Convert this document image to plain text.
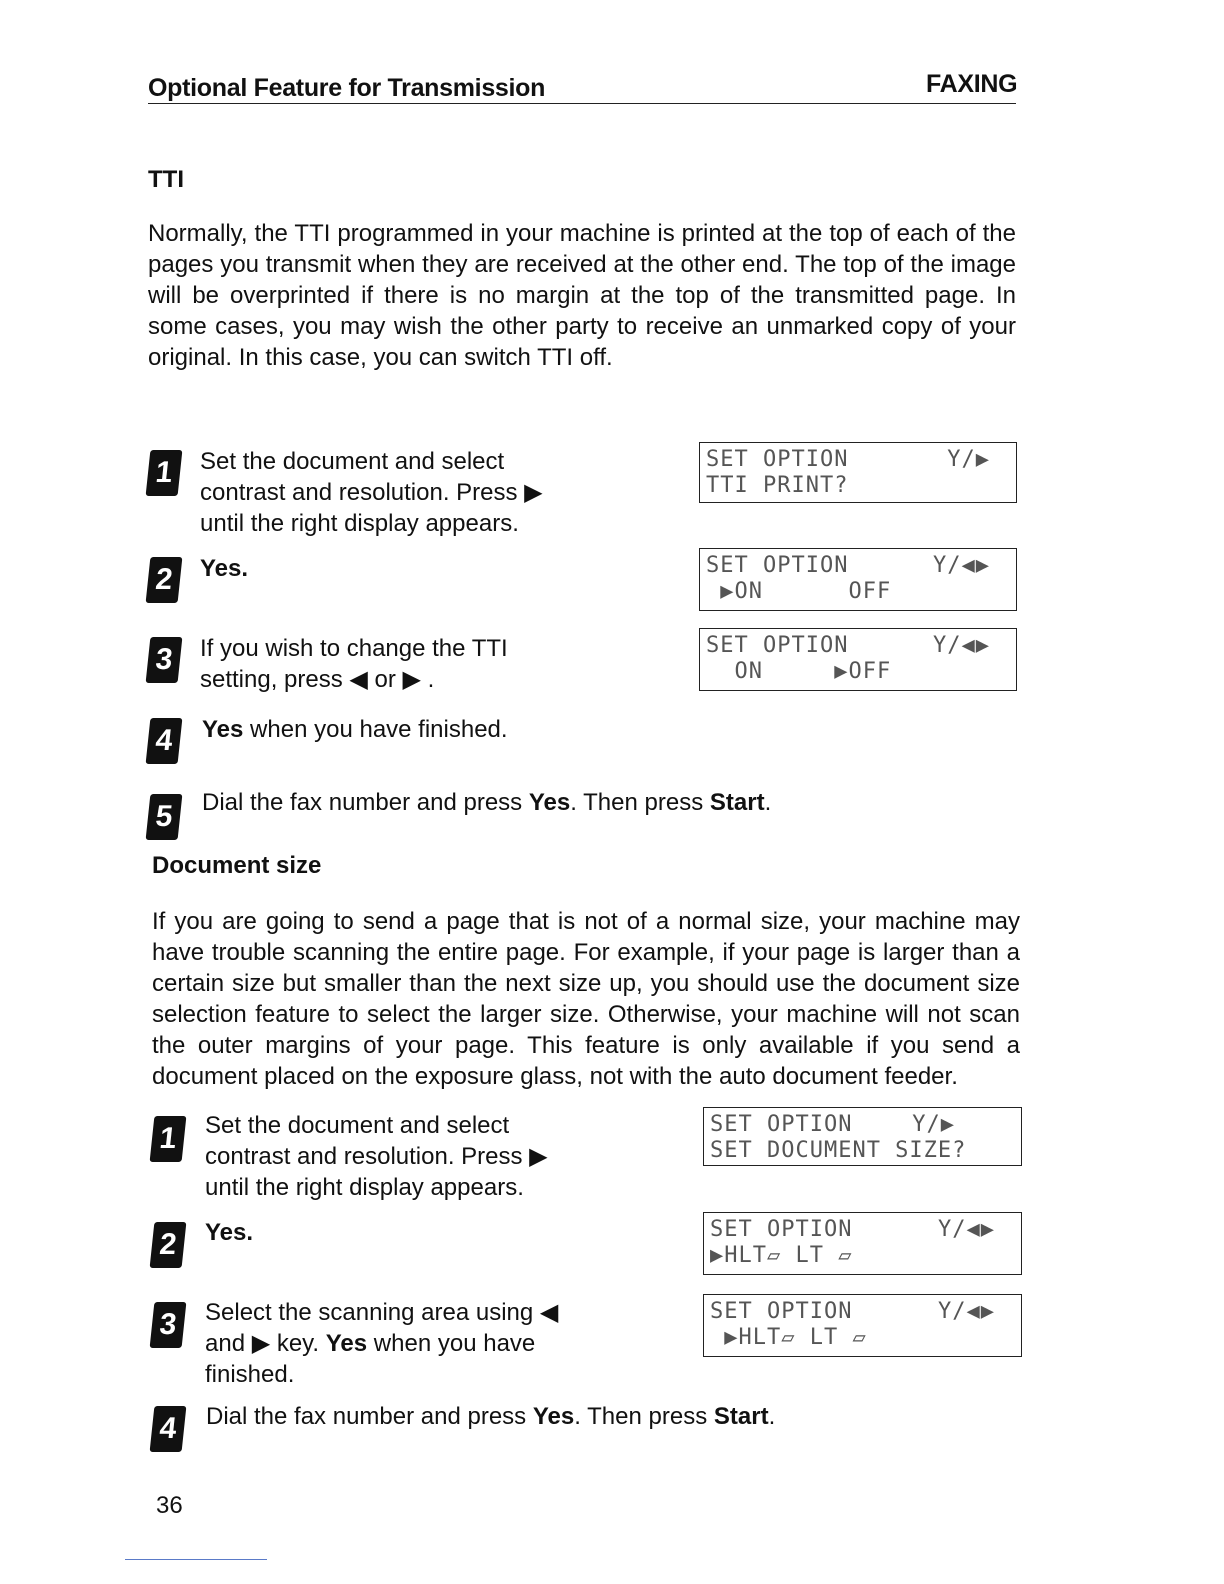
Optional Feature for Transmission	FAXING
TTI
Normally, the TTI programmed in your machine is printed at the top of each of the pages you transmit when they are received at the other end. The top of the image will be overprinted if there is no margin at the top of the transmitted page. In some cases, you may wish the other party to receive an unmarked copy of your original. In this case, you can switch TTI off.
1	Set the document and select contrast and resolution. Press ▶ until the right display appears.
2	Yes.
3	If you wish to change the TTI setting, press ◀ or ▶ .
4	Yes when you have finished.
5	Dial the fax number and press Yes. Then press Start.
SET OPTION	Y/▶
TTI PRINT?
SET OPTION	Y/◀▶
▶ON      OFF
SET OPTION	Y/◀▶
ON     ▶OFF
Document size
If you are going to send a page that is not of a normal size, your machine may have trouble scanning the entire page. For example, if your page is larger than a certain size but smaller than the next size up, you should use the document size selection feature to select the larger size. Otherwise, your machine will not scan the outer margins of your page. This feature is only available if you send a document placed on the exposure glass, not with the auto document feeder.
1	Set the document and select contrast and resolution. Press ▶ until the right display appears.
2	Yes.
3	Select the scanning area using ◀ and ▶ key. Yes when you have finished.
4	Dial the fax number and press Yes. Then press Start.
SET OPTION	Y/▶
SET DOCUMENT SIZE?
SET OPTION	Y/◀▶
▶HLT▱ LT ▱
SET OPTION	Y/◀▶
▶HLT▱ LT ▱
36
